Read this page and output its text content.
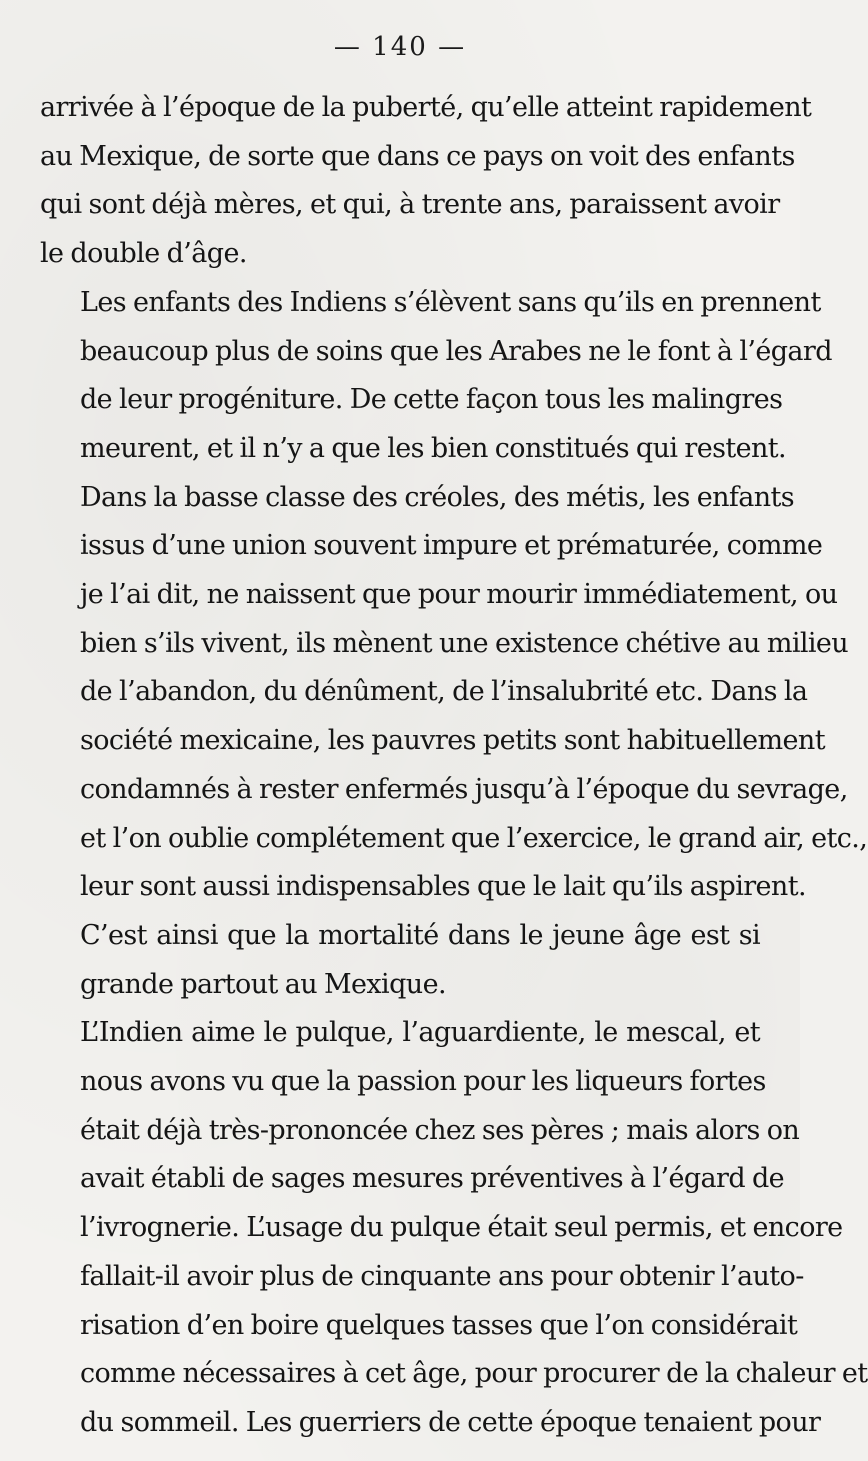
— 140 —
arrivée à l’époque de la puberté, qu’elle atteint rapidement
au Mexique, de sorte que dans ce pays on voit des enfants
qui sont déjà mères, et qui, à trente ans, paraissent avoir
le double d’âge.
Les enfants des Indiens s’élèvent sans qu’ils en prennent
beaucoup plus de soins que les Arabes ne le font à l’égard
de leur progéniture. De cette façon tous les malingres
meurent, et il n’y a que les bien constitués qui restent.
Dans la basse classe des créoles, des métis, les enfants
issus d’une union souvent impure et prématurée, comme
je l’ai dit, ne naissent que pour mourir immédiatement, ou
bien s’ils vivent, ils mènent une existence chétive au milieu
de l’abandon, du dénûment, de l’insalubrité etc. Dans la
société mexicaine, les pauvres petits sont habituellement
condamnés à rester enfermés jusqu’à l’époque du sevrage,
et l’on oublie complétement que l’exercice, le grand air, etc.,
leur sont aussi indispensables que le lait qu’ils aspirent.
C’est ainsi que la mortalité dans le jeune âge est si
grande partout au Mexique.
L’Indien aime le pulque, l’aguardiente, le mescal, et
nous avons vu que la passion pour les liqueurs fortes
était déjà très-prononcée chez ses pères ; mais alors on
avait établi de sages mesures préventives à l’égard de
l’ivrognerie. L’usage du pulque était seul permis, et encore
fallait-il avoir plus de cinquante ans pour obtenir l’auto-
risation d’en boire quelques tasses que l’on considérait
comme nécessaires à cet âge, pour procurer de la chaleur et
du sommeil. Les guerriers de cette époque tenaient pour
